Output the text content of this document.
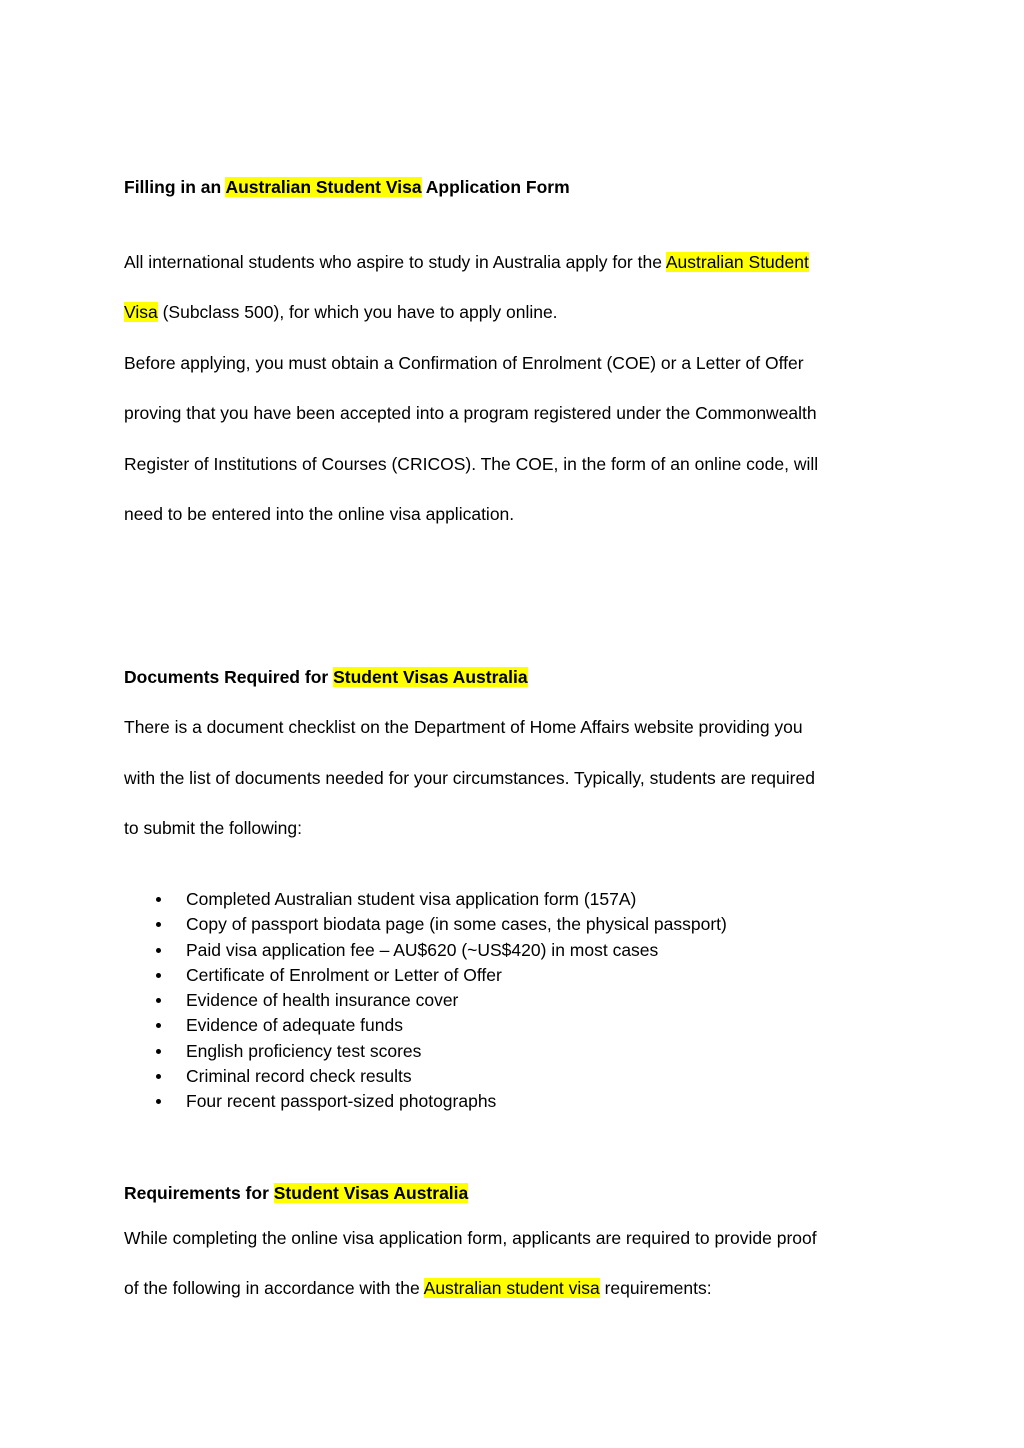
Filling in an Australian Student Visa Application Form
All international students who aspire to study in Australia apply for the Australian Student
Visa (Subclass 500), for which you have to apply online.
Before applying, you must obtain a Confirmation of Enrolment (COE) or a Letter of Offer
proving that you have been accepted into a program registered under the Commonwealth
Register of Institutions of Courses (CRICOS). The COE, in the form of an online code, will
need to be entered into the online visa application.
Documents Required for Student Visas Australia
There is a document checklist on the Department of Home Affairs website providing you
with the list of documents needed for your circumstances. Typically, students are required
to submit the following:
Completed Australian student visa application form (157A)
Copy of passport biodata page (in some cases, the physical passport)
Paid visa application fee – AU$620 (~US$420) in most cases
Certificate of Enrolment or Letter of Offer
Evidence of health insurance cover
Evidence of adequate funds
English proficiency test scores
Criminal record check results
Four recent passport-sized photographs
Requirements for Student Visas Australia
While completing the online visa application form, applicants are required to provide proof
of the following in accordance with the Australian student visa requirements:
